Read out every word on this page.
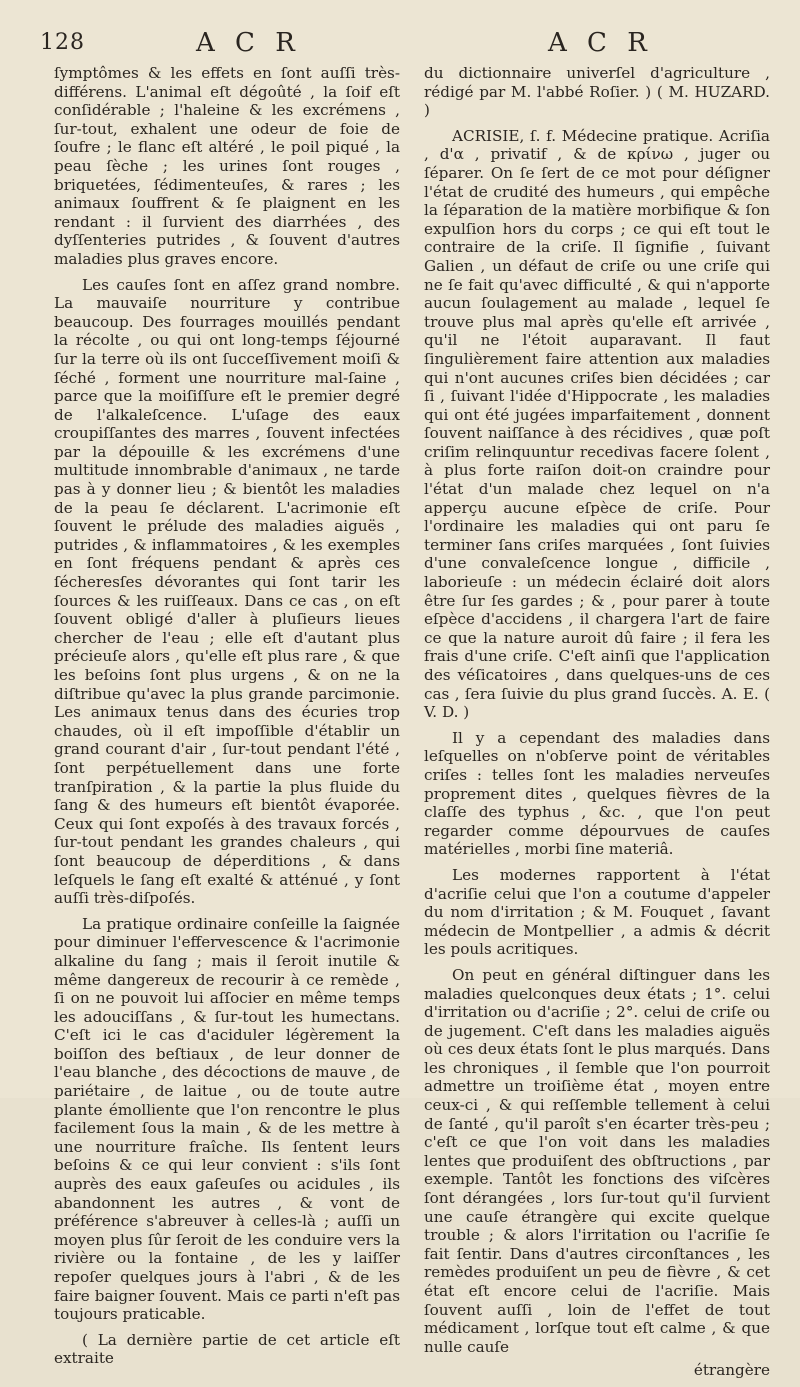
128	A C R	A C R

ſymptômes & les effets en ſont auſſi très-différens. L'animal eſt dégoûté , la ſoif eſt conſidérable ; l'haleine & les excrémens , ſur-tout, exhalent une odeur de foie de ſoufre ; le flanc eſt altéré , le poil piqué , la peau ſèche ; les urines ſont rouges , briquetées, ſédimenteuſes, & rares ; les animaux ſouffrent & ſe plaignent en les rendant : il ſurvient des diarrhées , des dyſſenteries putrides , & ſouvent d'autres maladies plus graves encore.

Les cauſes ſont en aſſez grand nombre. La mauvaiſe nourriture y contribue beaucoup. Des fourrages mouillés pendant la récolte , ou qui ont long-temps ſéjourné ſur la terre où ils ont ſucceſſivement moiſi & ſéché , forment une nourriture mal-ſaine , parce que la moiſiſſure eſt le premier degré de l'alkaleſcence. L'uſage des eaux croupiſſantes des marres , ſouvent infectées par la dépouille & les excrémens d'une multitude innombrable d'animaux , ne tarde pas à y donner lieu ; & bientôt les maladies de la peau ſe déclarent. L'acrimonie eſt ſouvent le prélude des maladies aiguës , putrides , & inflammatoires , & les exemples en ſont fréquens pendant & après ces ſécheresſes dévorantes qui ſont tarir les ſources & les ruiſſeaux. Dans ce cas , on eſt ſouvent obligé d'aller à pluſieurs lieues chercher de l'eau ; elle eſt d'autant plus précieuſe alors , qu'elle eſt plus rare , & que les beſoins ſont plus urgens , & on ne la diſtribue qu'avec la plus grande parcimonie. Les animaux tenus dans des écuries trop chaudes, où il eſt impoſſible d'établir un grand courant d'air , ſur-tout pendant l'été , ſont perpétuellement dans une forte tranſpiration , & la partie la plus fluide du ſang & des humeurs eſt bientôt évaporée. Ceux qui ſont expoſés à des travaux forcés , ſur-tout pendant les grandes chaleurs , qui ſont beaucoup de déperditions , & dans leſquels le ſang eſt exalté & atténué , y ſont auſſi très-diſpoſés.

La pratique ordinaire conſeille la ſaignée pour diminuer l'effervescence & l'acrimonie alkaline du ſang ; mais il ſeroit inutile & même dangereux de recourir à ce remède , ſi on ne pouvoit lui aſſocier en même temps les adouciſſans , & ſur-tout les humectans. C'eſt ici le cas d'aciduler légèrement la boiſſon des beſtiaux , de leur donner de l'eau blanche , des décoctions de mauve , de pariétaire , de laitue , ou de toute autre plante émolliente que l'on rencontre le plus facilement ſous la main , & de les mettre à une nourriture fraîche. Ils ſentent leurs beſoins & ce qui leur convient : s'ils ſont auprès des eaux gaſeuſes ou acidules , ils abandonnent les autres , & vont de préférence s'abreuver à celles-là ; auſſi un moyen plus ſûr ſeroit de les conduire vers la rivière ou la fontaine , de les y laiſſer repoſer quelques jours à l'abri , & de les faire baigner ſouvent. Mais ce parti n'eſt pas toujours praticable.

( La dernière partie de cet article eſt extraite

du dictionnaire univerſel d'agriculture , rédigé par M. l'abbé Roſier. ) ( M. HUZARD. )

ACRISIE, ſ. f. Médecine pratique. Acriſia , d'α , privatif , & de κρίνω , juger ou ſéparer. On ſe ſert de ce mot pour déſigner l'état de crudité des humeurs , qui empêche la ſéparation de la matière morbifique & ſon expulſion hors du corps ; ce qui eſt tout le contraire de la criſe. Il ſignifie , ſuivant Galien , un défaut de criſe ou une criſe qui ne ſe fait qu'avec difficulté , & qui n'apporte aucun ſoulagement au malade , lequel ſe trouve plus mal après qu'elle eſt arrivée , qu'il ne l'étoit auparavant. Il faut ſingulièrement faire attention aux maladies qui n'ont aucunes criſes bien décidées ; car ſi , ſuivant l'idée d'Hippocrate , les maladies qui ont été jugées imparfaitement , donnent ſouvent naiſſance à des récidives , quæ poſt criſim relinquuntur recedivas facere ſolent , à plus forte raiſon doit-on craindre pour l'état d'un malade chez lequel on n'a apperçu aucune eſpèce de criſe. Pour l'ordinaire les maladies qui ont paru ſe terminer ſans criſes marquées , ſont ſuivies d'une convaleſcence longue , difficile , laborieuſe : un médecin éclairé doit alors être ſur ſes gardes ; & , pour parer à toute eſpèce d'accidens , il chargera l'art de faire ce que la nature auroit dû faire ; il fera les frais d'une criſe. C'eſt ainſi que l'application des véſicatoires , dans quelques-uns de ces cas , ſera ſuivie du plus grand ſuccès. A. E. ( V. D. )

Il y a cependant des maladies dans leſquelles on n'obſerve point de véritables criſes : telles ſont les maladies nerveuſes proprement dites , quelques fièvres de la claſſe des typhus , &c. , que l'on peut regarder comme dépourvues de cauſes matérielles , morbi ſine materiâ.

Les modernes rapportent à l'état d'acriſie celui que l'on a coutume d'appeler du nom d'irritation ; & M. Fouquet , ſavant médecin de Montpellier , a admis & décrit les pouls acritiques.

On peut en général diſtinguer dans les maladies quelconques deux états ; 1°. celui d'irritation ou d'acriſie ; 2°. celui de criſe ou de jugement. C'eſt dans les maladies aiguës où ces deux états ſont le plus marqués. Dans les chroniques , il ſemble que l'on pourroit admettre un troiſième état , moyen entre ceux-ci , & qui reſſemble tellement à celui de ſanté , qu'il paroît s'en écarter très-peu ; c'eſt ce que l'on voit dans les maladies lentes que produiſent des obſtructions , par exemple. Tantôt les fonctions des viſcères ſont dérangées , lors ſur-tout qu'il ſurvient une cauſe étrangère qui excite quelque trouble ; & alors l'irritation ou l'acriſie ſe fait ſentir. Dans d'autres circonſtances , les remèdes produiſent un peu de fièvre , & cet état eſt encore celui de l'acriſie. Mais ſouvent auſſi , loin de l'effet de tout médicament , lorſque tout eſt calme , & que nulle cauſe

étrangère
